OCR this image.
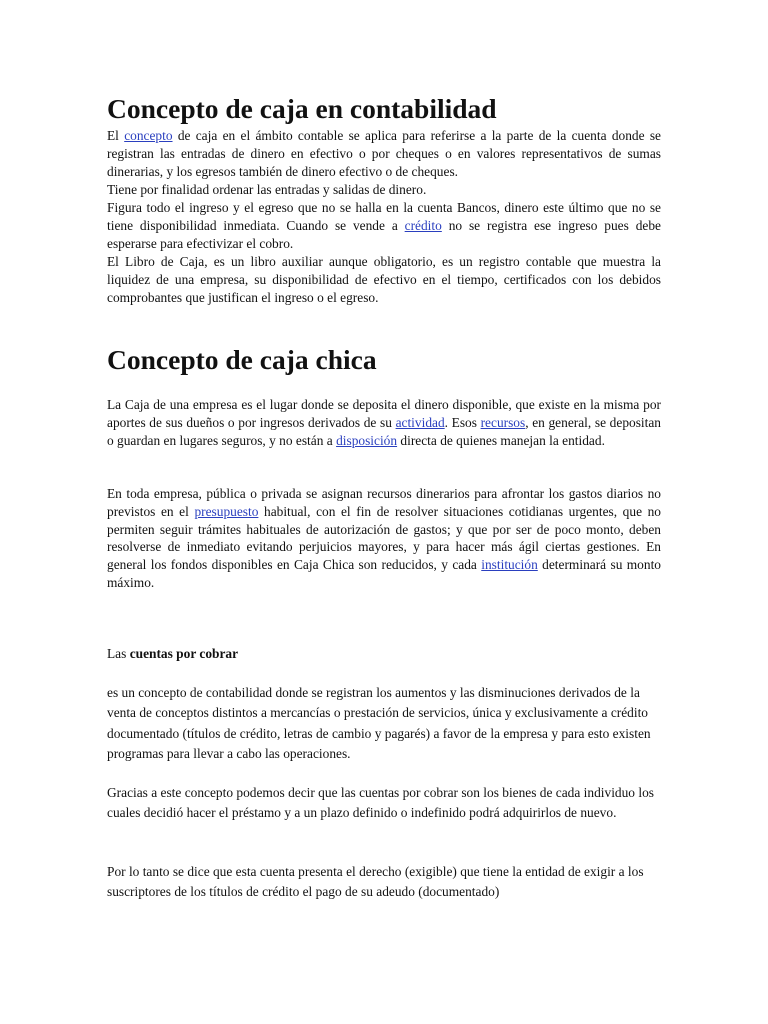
Concepto de caja en contabilidad

El concepto de caja en el ámbito contable se aplica para referirse a la parte de la cuenta donde se registran las entradas de dinero en efectivo o por cheques o en valores representativos de sumas dinerarias, y los egresos también de dinero efectivo o de cheques.

Tiene por finalidad ordenar las entradas y salidas de dinero.

Figura todo el ingreso y el egreso que no se halla en la cuenta Bancos, dinero este último que no se tiene disponibilidad inmediata. Cuando se vende a crédito no se registra ese ingreso pues debe esperarse para efectivizar el cobro.

El Libro de Caja, es un libro auxiliar aunque obligatorio, es un registro contable que muestra la liquidez de una empresa, su disponibilidad de efectivo en el tiempo, certificados con los debidos comprobantes que justifican el ingreso o el egreso.

Concepto de caja chica

La Caja de una empresa es el lugar donde se deposita el dinero disponible, que existe en la misma por aportes de sus dueños o por ingresos derivados de su actividad. Esos recursos, en general, se depositan o guardan en lugares seguros, y no están a disposición directa de quienes manejan la entidad.

En toda empresa, pública o privada se asignan recursos dinerarios para afrontar los gastos diarios no previstos en el presupuesto habitual, con el fin de resolver situaciones cotidianas urgentes, que no permiten seguir trámites habituales de autorización de gastos; y que por ser de poco monto, deben resolverse de inmediato evitando perjuicios mayores, y para hacer más ágil ciertas gestiones. En general los fondos disponibles en Caja Chica son reducidos, y cada institución determinará su monto máximo.

Las cuentas por cobrar

es un concepto de contabilidad donde se registran los aumentos y las disminuciones derivados de la venta de conceptos distintos a mercancías o prestación de servicios, única y exclusivamente a crédito documentado (títulos de crédito, letras de cambio y pagarés) a favor de la empresa y para esto existen programas para llevar a cabo las operaciones.

Gracias a este concepto podemos decir que las cuentas por cobrar son los bienes de cada individuo los cuales decidió hacer el préstamo y a un plazo definido o indefinido podrá adquirirlos de nuevo.

Por lo tanto se dice que esta cuenta presenta el derecho (exigible) que tiene la entidad de exigir a los suscriptores de los títulos de crédito el pago de su adeudo (documentado)
